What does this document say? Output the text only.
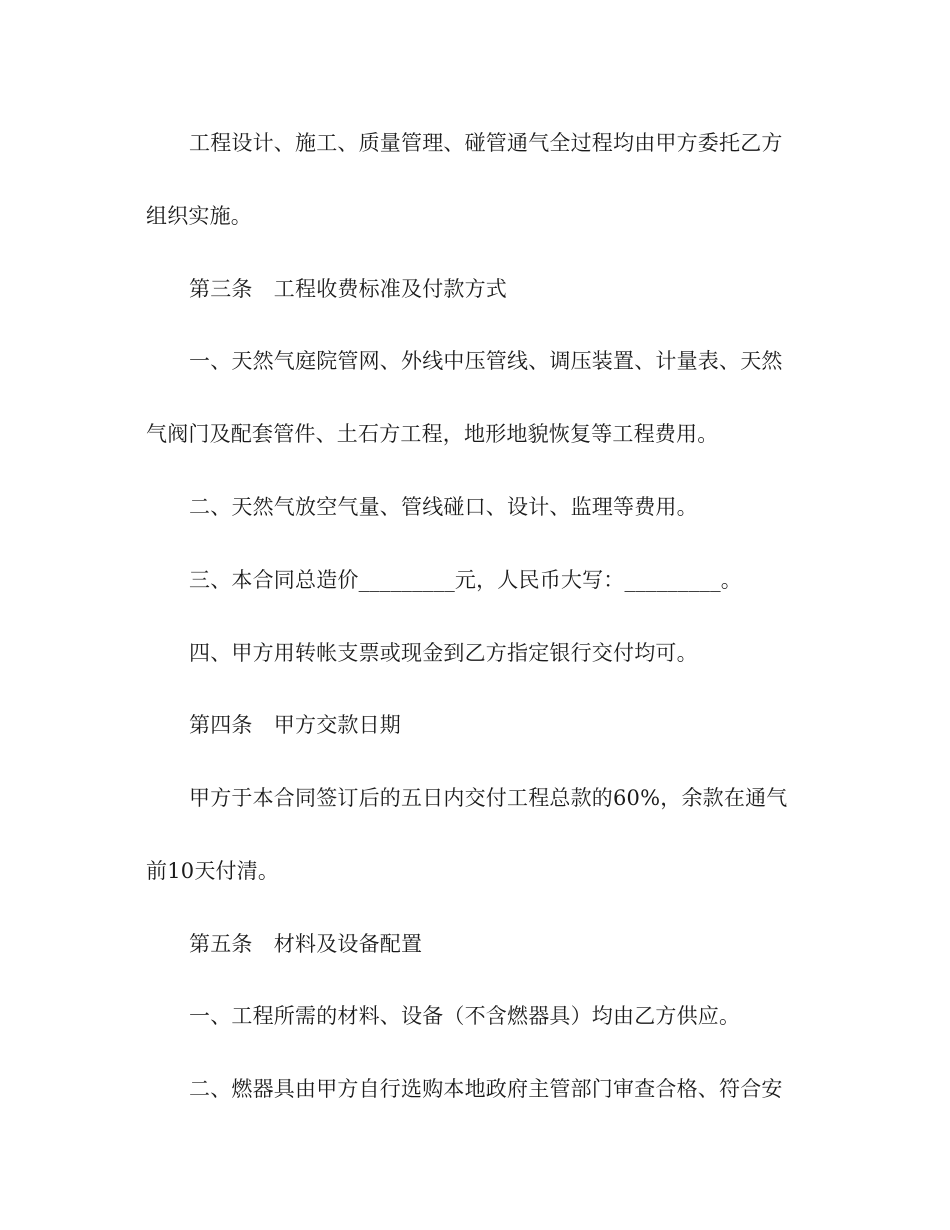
工程设计、施工、质量管理、碰管通气全过程均由甲方委托乙方
组织实施。
第三条　工程收费标准及付款方式
一、天然气庭院管网、外线中压管线、调压装置、计量表、天然
气阀门及配套管件、土石方工程，地形地貌恢复等工程费用。
二、天然气放空气量、管线碰口、设计、监理等费用。
三、本合同总造价_________元，人民币大写：_________。
四、甲方用转帐支票或现金到乙方指定银行交付均可。
第四条　甲方交款日期
甲方于本合同签订后的五日内交付工程总款的60%，余款在通气
前10天付清。
第五条　材料及设备配置
一、工程所需的材料、设备（不含燃器具）均由乙方供应。
二、燃器具由甲方自行选购本地政府主管部门审查合格、符合安
